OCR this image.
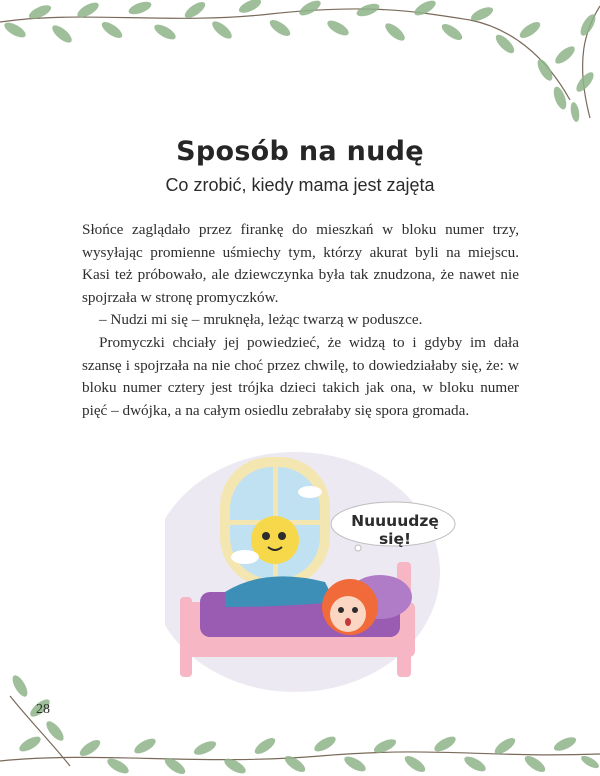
Sposób na nudę
Co zrobić, kiedy mama jest zajęta

Słońce zaglądało przez firankę do mieszkań w bloku numer trzy, wysyłając promienne uśmiechy tym, którzy akurat byli na miejscu. Kasi też próbowało, ale dziewczynka była tak znudzona, że nawet nie spojrzała w stronę promyczków.

– Nudzi mi się – mruknęła, leżąc twarzą w poduszce.

Promyczki chciały jej powiedzieć, że widzą to i gdyby im dała szansę i spojrzała na nie choć przez chwilę, to dowiedziałaby się, że: w bloku numer cztery jest trójka dzieci takich jak ona, w bloku numer pięć – dwójka, a na całym osiedlu zebrałaby się spora gromada.

Nuuuudzę się!
28
